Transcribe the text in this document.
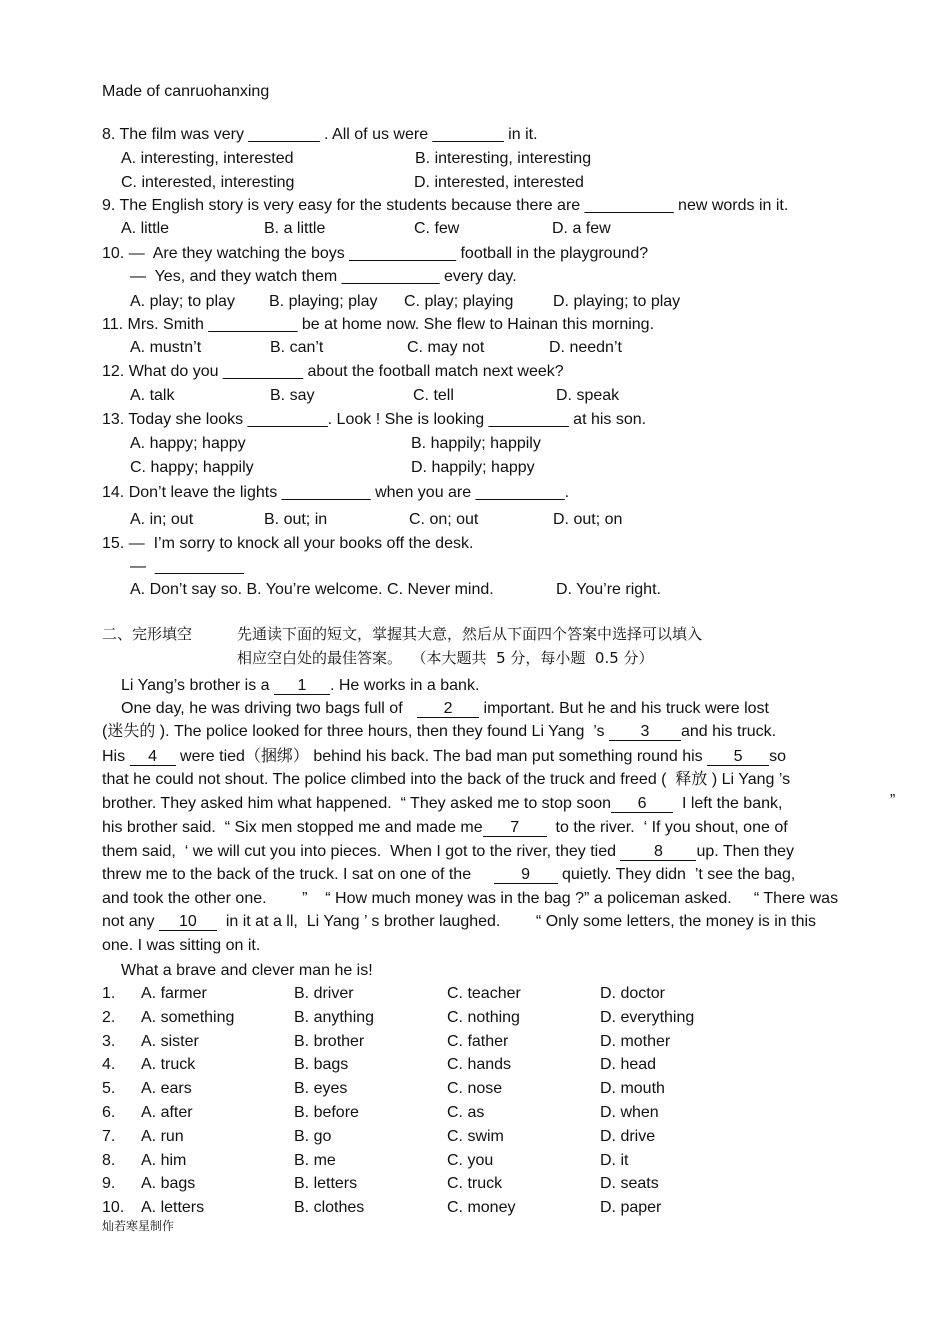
Made of canruohanxing
8. The film was very ________ . All of us were ________ in it.
A. interesting, interested	B. interesting, interesting
C. interested, interesting	D. interested, interested
9. The English story is very easy for the students because there are __________ new words in it.
A. little	B. a little	C. few	D. a few
10. —  Are they watching the boys ____________ football in the playground?
—  Yes, and they watch them ___________ every day.
A. play; to play B. playing; play C. play; playing D. playing; to play
11. Mrs. Smith __________ be at home now. She flew to Hainan this morning.
A. mustn’t	B. can’t	C. may not	D. needn’t
12. What do you _________ about the football match next week?
A. talk	B. say	C. tell	D. speak
13. Today she looks _________. Look ! She is looking _________ at his son.
A. happy; happy	B. happily; happily
C. happy; happily	D. happily; happy
14. Don’t leave the lights __________ when you are __________.
A. in; out	B. out; in	C. on; out	D. out; on
15. —  I’m sorry to knock all your books off the desk.
—  __________
A. Don’t say so. B. You’re welcome. C. Never mind.	D. You’re right.
二、完形填空	先通读下面的短文，掌握其大意，然后从下面四个答案中选择可以填入
相应空白处的最佳答案。  （本大题共  5 分，每小题  0.5 分）
Li Yang’s brother is a 1 . He works in a bank.
One day, he was driving two bags full of 2 important. But he and his truck were lost
(迷失的 ). The police looked for three hours, then they found Li Yang  ’s 3 and his truck.
His 4 were tied（捆绑） behind his back. The bad man put something round his 5 so
that he could not shout. The police climbed into the back of the truck and freed (  释放 ) Li Yang ’s
brother. They asked him what happened.  “ They asked me to stop soon 6  I left the bank,	”
his brother said.  “ Six men stopped me and made me 7  to the river.  ‘ If you shout, one of
them said,  ‘ we will cut you into pieces.  When I got to the river, they tied 8 up. Then they
threw me to the back of the truck. I sat on one of the	9 quietly. They didn  ’t see the bag,
and took the other one.        ”    “ How much money was in the bag ?” a policeman asked.     “ There was
not any 10  in it at a ll,  Li Yang ’ s brother laughed.        “ Only some letters, the money is in this
one. I was sitting on it.
What a brave and clever man he is!
1. A. farmer	B. driver	C. teacher	D. doctor
2. A. something	B. anything	C. nothing	D. everything
3. A. sister	B. brother	C. father	D. mother
4. A. truck	B. bags	C. hands	D. head
5. A. ears	B. eyes	C. nose	D. mouth
6. A. after	B. before	C. as	D. when
7. A. run	B. go	C. swim	D. drive
8. A. him	B. me	C. you	D. it
9. A. bags	B. letters	C. truck	D. seats
10. A. letters	B. clothes	C. money	D. paper
灿若寒星制作
